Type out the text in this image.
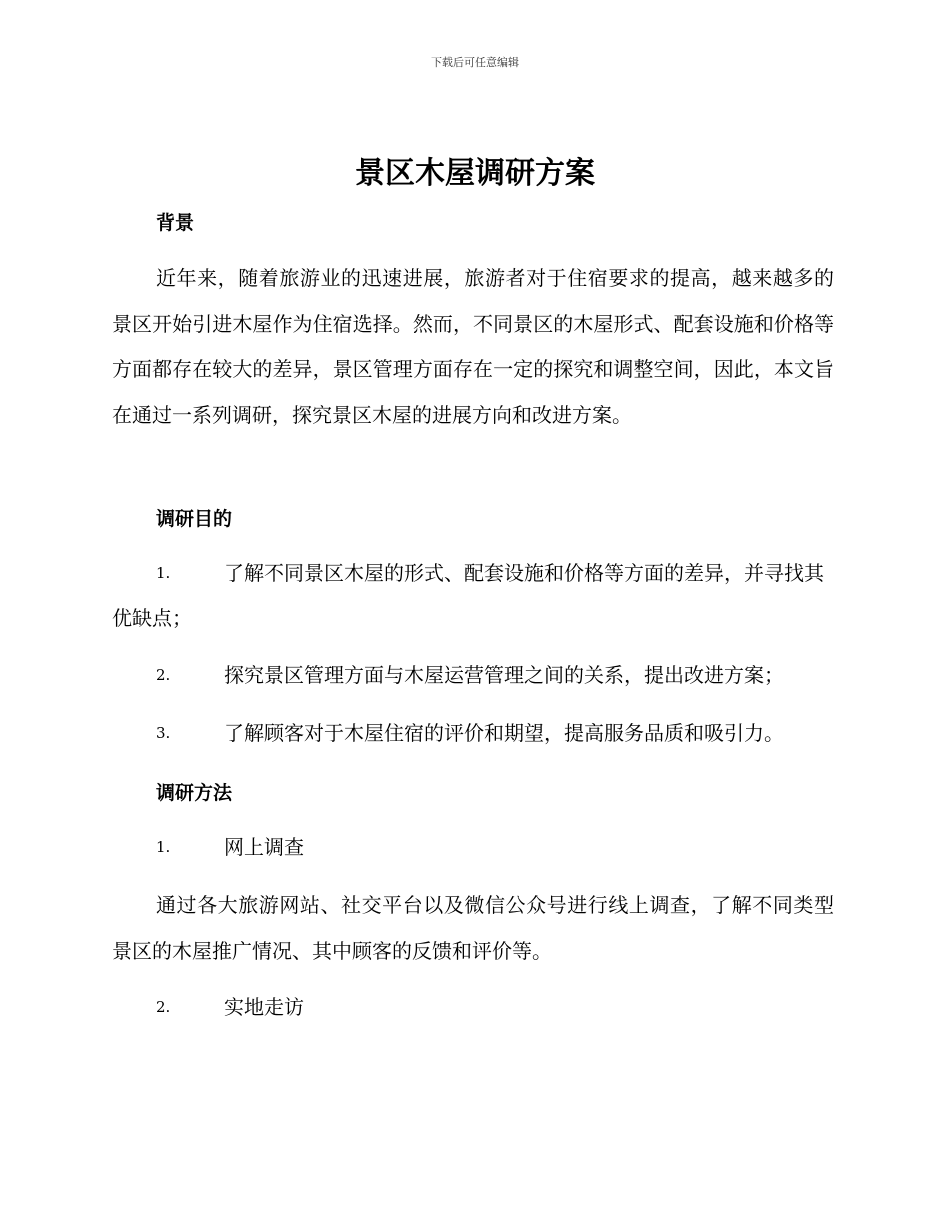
下载后可任意编辑
景区木屋调研方案
背景
近年来，随着旅游业的迅速进展，旅游者对于住宿要求的提高，越来越多的景区开始引进木屋作为住宿选择。然而，不同景区的木屋形式、配套设施和价格等方面都存在较大的差异，景区管理方面存在一定的探究和调整空间，因此，本文旨在通过一系列调研，探究景区木屋的进展方向和改进方案。
调研目的
1.	了解不同景区木屋的形式、配套设施和价格等方面的差异，并寻找其优缺点；
2.	探究景区管理方面与木屋运营管理之间的关系，提出改进方案；
3.	了解顾客对于木屋住宿的评价和期望，提高服务品质和吸引力。
调研方法
1.	网上调查
通过各大旅游网站、社交平台以及微信公众号进行线上调查，了解不同类型景区的木屋推广情况、其中顾客的反馈和评价等。
2.	实地走访
